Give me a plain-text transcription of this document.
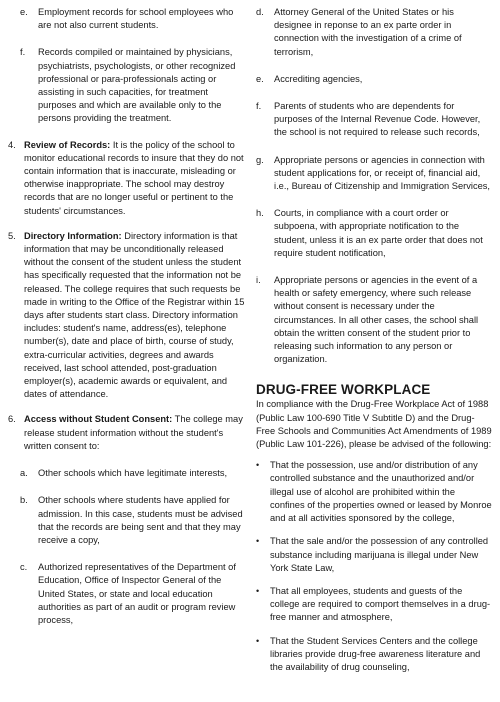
e.	Employment records for school employees who are not also current students.

f.	Records compiled or maintained by physicians, psychiatrists, psychologists, or other recognized professional or para-professionals acting or assisting in such capacities, for treatment purposes and which are available only to the persons providing the treatment.

4. Review of Records: It is the policy of the school to monitor educational records to insure that they do not contain information that is inaccurate, misleading or otherwise inappropriate. The school may destroy records that are no longer useful or pertinent to the students' circumstances.

5. Directory Information: Directory information is that information that may be unconditionally released without the consent of the student unless the student has specifically requested that the information not be released. The college requires that such requests be made in writing to the Office of the Registrar within 15 days after students start class. Directory information includes: student's name, address(es), telephone number(s), date and place of birth, course of study, extra-curricular activities, degrees and awards received, last school attended, post-graduation employer(s), academic awards or equivalent, and dates of attendance.

6. Access without Student Consent: The college may release student information without the student's written consent to:

a.	Other schools which have legitimate interests,

b.	Other schools where students have applied for admission. In this case, students must be advised that the records are being sent and that they may receive a copy,

c.	Authorized representatives of the Department of Education, Office of Inspector General of the United States, or state and local education authorities as part of an audit or program review process,

d.	Attorney General of the United States or his designee in reponse to an ex parte order in connection with the investigation of a crime of terrorism,

e.	Accrediting agencies,

f.	Parents of students who are dependents for purposes of the Internal Revenue Code. However, the school is not required to release such records,

g.	Appropriate persons or agencies in connection with student applications for, or receipt of, financial aid, i.e., Bureau of Citizenship and Immigration Services,

h.	Courts, in compliance with a court order or subpoena, with appropriate notification to the student, unless it is an ex parte order that does not require student notification,

i.	Appropriate persons or agencies in the event of a health or safety emergency, where such release without consent is necessary under the circumstances. In all other cases, the school shall obtain the written consent of the student prior to releasing such information to any person or organization.

DRUG-FREE WORKPLACE

In compliance with the Drug-Free Workplace Act of 1988 (Public Law 100-690 Title V Subtitle D) and the Drug-Free Schools and Communities Act Amendments of 1989 (Public Law 101-226), please be advised of the following:

•	That the possession, use and/or distribution of any controlled substance and the unauthorized and/or illegal use of alcohol are prohibited within the confines of the properties owned or leased by Monroe and at all activities sponsored by the college,

•	That the sale and/or the possession of any controlled substance including marijuana is illegal under New York State Law,

•	That all employees, students and guests of the college are required to comport themselves in a drug-free manner and atmosphere,

•	That the Student Services Centers and the college libraries provide drug-free awareness literature and the availability of drug counseling,
